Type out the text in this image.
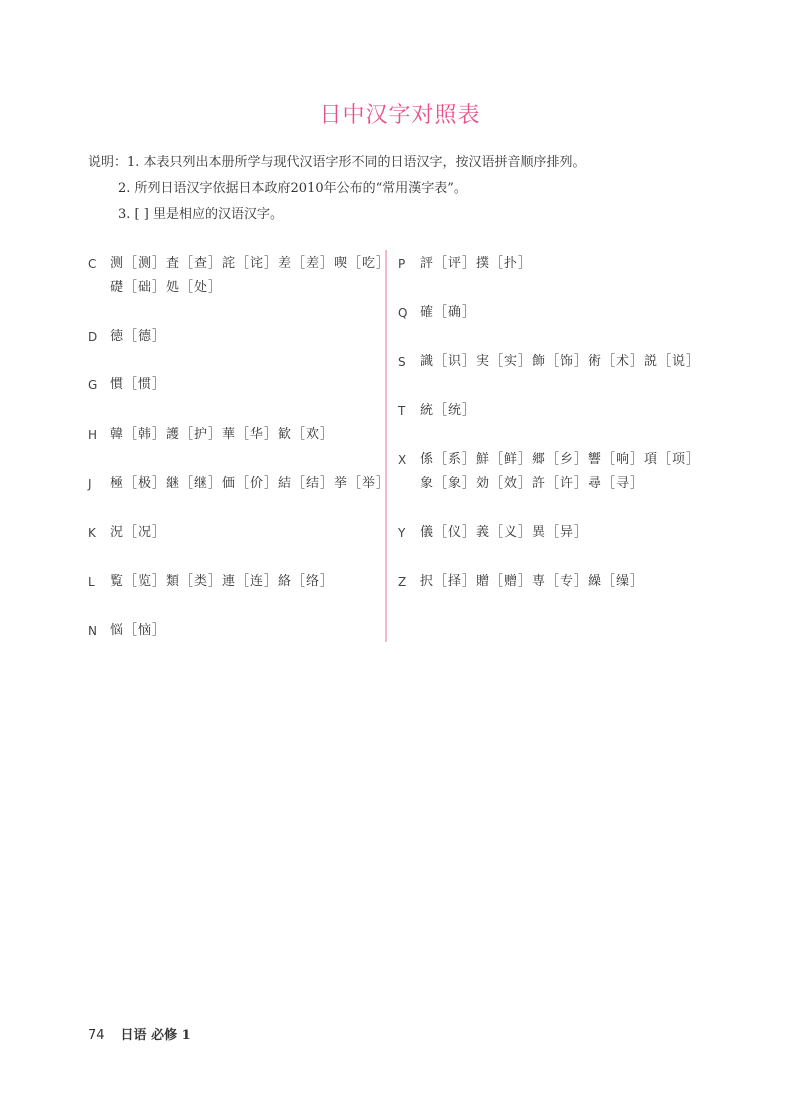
日中汉字对照表
说明：1. 本表只列出本册所学与现代汉语字形不同的日语汉字，按汉语拼音顺序排列。
2. 所列日语汉字依据日本政府2010年公布的“常用漢字表”。
3. [ ] 里是相应的汉语汉字。
C	测［测］査［查］詫［诧］差［差］喫［吃］
礎［础］処［处］
D 徳［德］
G 慣［惯］
H 韓［韩］護［护］華［华］歓［欢］
J	極［极］継［继］価［价］結［结］挙［举］
K	況［况］
L	覧［览］類［类］連［连］絡［络］
N	悩［恼］
P	評［评］撲［扑］
Q 確［确］
S	識［识］実［实］飾［饰］術［术］説［说］
T	統［统］
X	係［系］鮮［鲜］郷［乡］響［响］項［项］
象［象］効［效］許［许］尋［寻］
Y	儀［仪］義［义］異［异］
Z	択［择］贈［赠］専［专］繰［缲］
74 日语 必修 1
